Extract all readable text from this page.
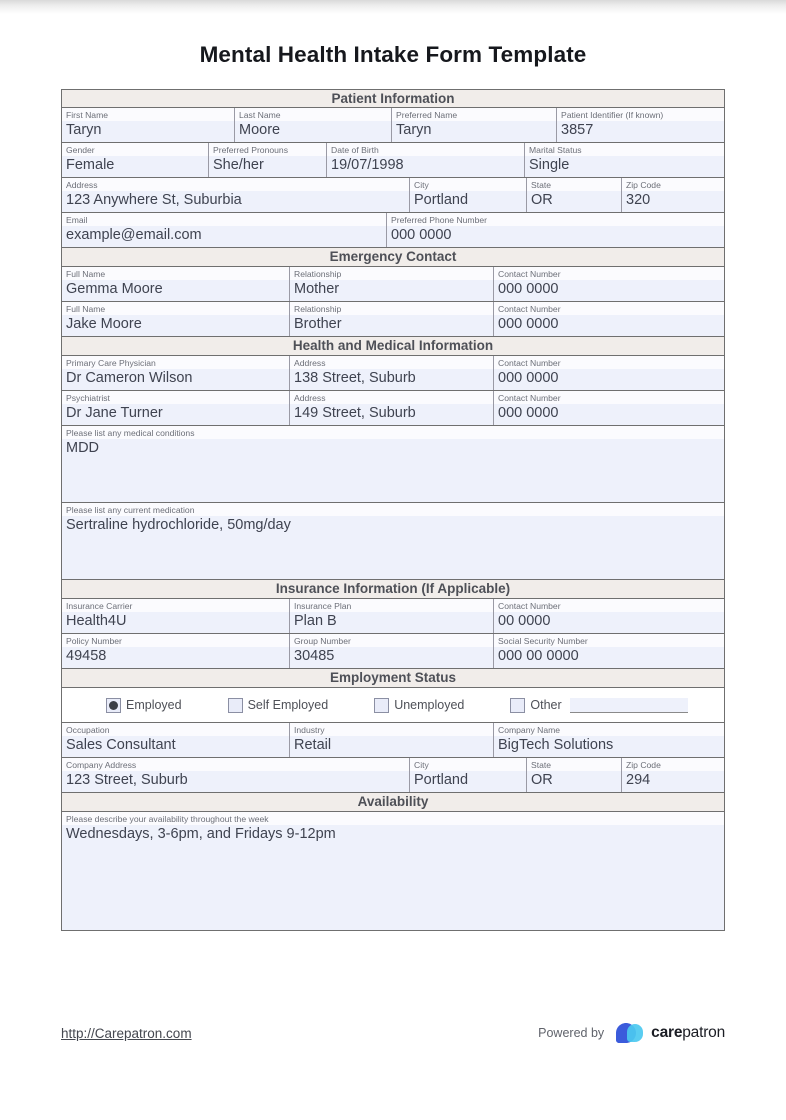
Mental Health Intake Form Template
Patient Information
First Name
Taryn
Last Name
Moore
Preferred Name
Taryn
Patient Identifier (If known)
3857
Gender
Female
Preferred Pronouns
She/her
Date of Birth
19/07/1998
Marital Status
Single
Address
123 Anywhere St, Suburbia
City
Portland
State
OR
Zip Code
320
Email
example@email.com
Preferred Phone Number
000 0000
Emergency Contact
Full Name
Gemma Moore
Relationship
Mother
Contact Number
000 0000
Full Name
Jake Moore
Relationship
Brother
Contact Number
000 0000
Health and Medical Information
Primary Care Physician
Dr Cameron Wilson
Address
138 Street, Suburb
Contact Number
000 0000
Psychiatrist
Dr Jane Turner
Address
149 Street, Suburb
Contact Number
000 0000
Please list any medical conditions
MDD
Please list any current medication
Sertraline hydrochloride, 50mg/day
Insurance Information (If Applicable)
Insurance Carrier
Health4U
Insurance Plan
Plan B
Contact Number
00 0000
Policy Number
49458
Group Number
30485
Social Security Number
000 00 0000
Employment Status
Employed	Self Employed	Unemployed	Other
Occupation
Sales Consultant
Industry
Retail
Company Name
BigTech Solutions
Company Address
123 Street, Suburb
City
Portland
State
OR
Zip Code
294
Availability
Please describe your availability throughout the week
Wednesdays, 3-6pm, and Fridays 9-12pm
http://Carepatron.com	Powered by	carepatron
